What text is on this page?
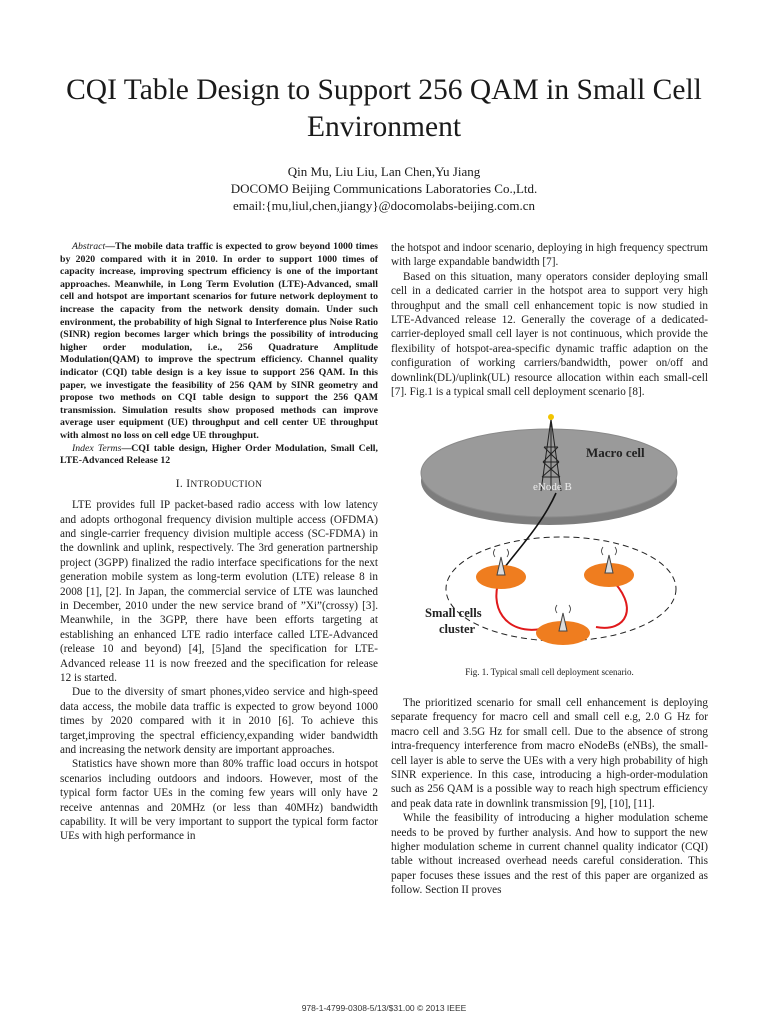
CQI Table Design to Support 256 QAM in Small Cell Environment
Qin Mu, Liu Liu, Lan Chen,Yu Jiang
DOCOMO Beijing Communications Laboratories Co.,Ltd.
email:{mu,liul,chen,jiangy}@docomolabs-beijing.com.cn

Abstract—The mobile data traffic is expected to grow beyond 1000 times by 2020 compared with it in 2010. In order to support 1000 times of capacity increase, improving spectrum efficiency is one of the important approaches. Meanwhile, in Long Term Evolution (LTE)-Advanced, small cell and hotspot are important scenarios for future network deployment to increase the capacity from the network density domain. Under such environment, the probability of high Signal to Interference plus Noise Ratio (SINR) region becomes larger which brings the possibility of introducing higher order modulation, i.e., 256 Quadrature Amplitude Modulation(QAM) to improve the spectrum efficiency. Channel quality indicator (CQI) table design is a key issue to support 256 QAM. In this paper, we investigate the feasibility of 256 QAM by SINR geometry and propose two methods on CQI table design to support the 256 QAM transmission. Simulation results show proposed methods can improve average user equipment (UE) throughput and cell center UE throughput with almost no loss on cell edge UE throughput.

Index Terms—CQI table design, Higher Order Modulation, Small Cell, LTE-Advanced Release 12

I. INTRODUCTION

LTE provides full IP packet-based radio access with low latency and adopts orthogonal frequency division multiple access (OFDMA) and single-carrier frequency division multiple access (SC-FDMA) in the downlink and uplink, respectively. The 3rd generation partnership project (3GPP) finalized the radio interface specifications for the next generation mobile system as long-term evolution (LTE) release 8 in 2008 [1], [2]. In Japan, the commercial service of LTE was launched in December, 2010 under the new service brand of ”Xi”(crossy) [3]. Meanwhile, in the 3GPP, there have been efforts targeting at establishing an enhanced LTE radio interface called LTE-Advanced (release 10 and beyond) [4], [5]and the specification for LTE-Advanced release 11 is now freezed and the specification for release 12 is started.

Due to the diversity of smart phones,video service and high-speed data access, the mobile data traffic is expected to grow beyond 1000 times by 2020 compared with it in 2010 [6]. To achieve this target,improving the spectral efficiency,expanding wider bandwidth and increasing the network density are important approaches.

Statistics have shown more than 80% traffic load occurs in hotspot scenarios including outdoors and indoors. However, most of the typical form factor UEs in the coming few years will only have 2 receive antennas and 20MHz (or less than 40MHz) bandwidth capability. It will be very important to support the typical form factor UEs with high performance in

the hotspot and indoor scenario, deploying in high frequency spectrum with large expandable bandwidth [7].

Based on this situation, many operators consider deploying small cell in a dedicated carrier in the hotspot area to support very high throughput and the small cell enhancement topic is now studied in LTE-Advanced release 12. Generally the coverage of a dedicated-carrier-deployed small cell layer is not continuous, which provide the flexibility of hotspot-area-specific dynamic traffic adaption on the configuration of working carriers/bandwidth, power on/off and downlink(DL)/uplink(UL) resource allocation within each small-cell [7]. Fig.1 is a typical small cell deployment scenario [8].

Macro cell
eNode B
Small cells
cluster

Fig. 1. Typical small cell deployment scenario.

The prioritized scenario for small cell enhancement is deploying separate frequency for macro cell and small cell e.g, 2.0 G Hz for macro cell and 3.5G Hz for small cell. Due to the absence of strong intra-frequency interference from macro eNodeBs (eNBs), the small-cell layer is able to serve the UEs with a very high probability of high SINR experience. In this case, introducing a high-order-modulation such as 256 QAM is a possible way to reach high spectrum efficiency and peak data rate in downlink transmission [9], [10], [11].

While the feasibility of introducing a higher modulation scheme needs to be proved by further analysis. And how to support the new higher modulation scheme in current channel quality indicator (CQI) table without increased overhead needs careful consideration. This paper focuses these issues and the rest of this paper are organized as follow. Section II proves

978-1-4799-0308-5/13/$31.00 © 2013 IEEE
